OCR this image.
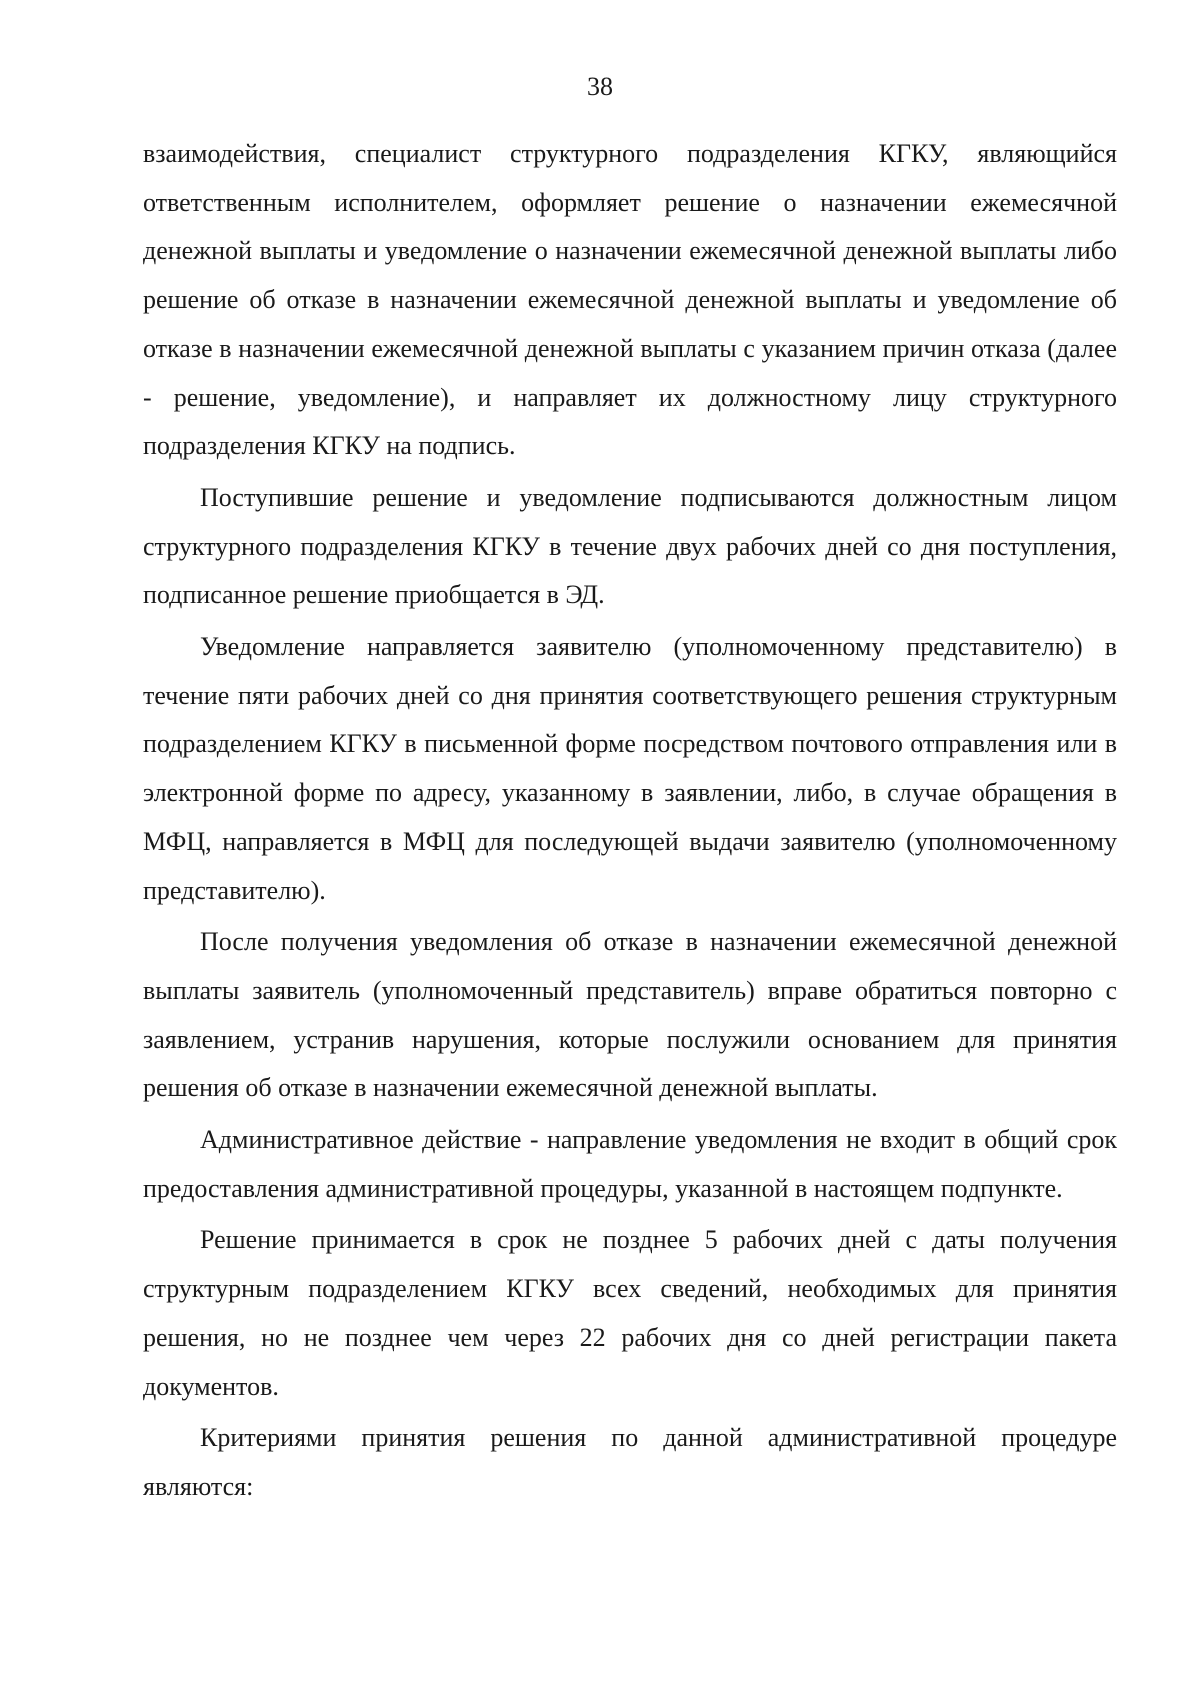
38

взаимодействия, специалист структурного подразделения КГКУ, являющийся ответственным исполнителем, оформляет решение о назначении ежемесячной денежной выплаты и уведомление о назначении ежемесячной денежной выплаты либо решение об отказе в назначении ежемесячной денежной выплаты и уведомление об отказе в назначении ежемесячной денежной выплаты с указанием причин отказа (далее - решение, уведомление), и направляет их должностному лицу структурного подразделения КГКУ на подпись.

Поступившие решение и уведомление подписываются должностным лицом структурного подразделения КГКУ в течение двух рабочих дней со дня поступления, подписанное решение приобщается в ЭД.

Уведомление направляется заявителю (уполномоченному представителю) в течение пяти рабочих дней со дня принятия соответствующего решения структурным подразделением КГКУ в письменной форме посредством почтового отправления или в электронной форме по адресу, указанному в заявлении, либо, в случае обращения в МФЦ, направляется в МФЦ для последующей выдачи заявителю (уполномоченному представителю).

После получения уведомления об отказе в назначении ежемесячной денежной выплаты заявитель (уполномоченный представитель) вправе обратиться повторно с заявлением, устранив нарушения, которые послужили основанием для принятия решения об отказе в назначении ежемесячной денежной выплаты.

Административное действие - направление уведомления не входит в общий срок предоставления административной процедуры, указанной в настоящем подпункте.

Решение принимается в срок не позднее 5 рабочих дней с даты получения структурным подразделением КГКУ всех сведений, необходимых для принятия решения, но не позднее чем через 22 рабочих дня со дней регистрации пакета документов.

Критериями принятия решения по данной административной процедуре являются:
